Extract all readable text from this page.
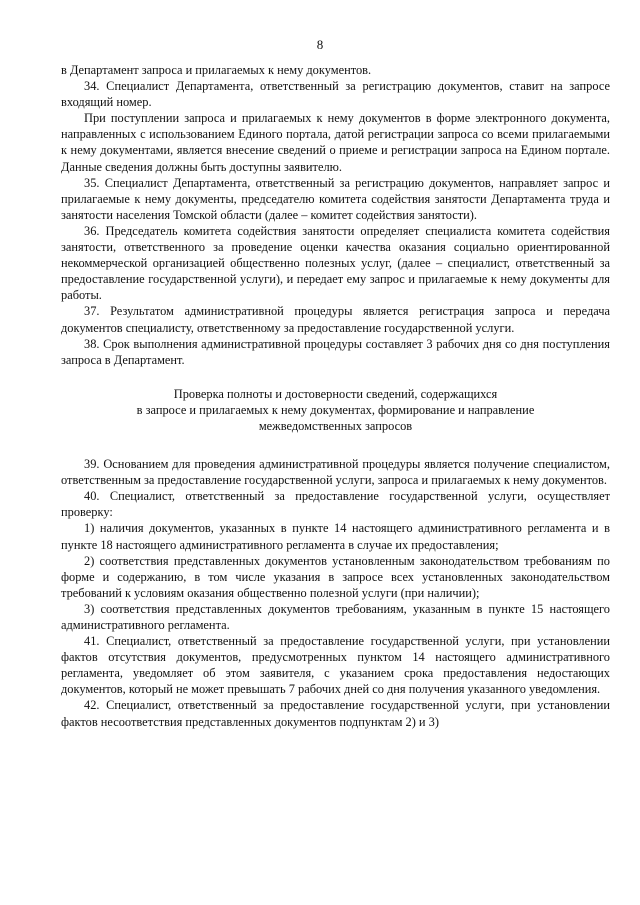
8

в Департамент запроса и прилагаемых к нему документов.

34. Специалист Департамента, ответственный за регистрацию документов, ставит на запросе входящий номер.

При поступлении запроса и прилагаемых к нему документов в форме электронного документа, направленных с использованием Единого портала, датой регистрации запроса со всеми прилагаемыми к нему документами, является внесение сведений о приеме и регистрации запроса на Едином портале. Данные сведения должны быть доступны заявителю.

35. Специалист Департамента, ответственный за регистрацию документов, направляет запрос и прилагаемые к нему документы, председателю комитета содействия занятости Департамента труда и занятости населения Томской области (далее – комитет содействия занятости).

36. Председатель комитета содействия занятости определяет специалиста комитета содействия занятости, ответственного за проведение оценки качества оказания социально ориентированной некоммерческой организацией общественно полезных услуг, (далее – специалист, ответственный за предоставление государственной услуги), и передает ему запрос и прилагаемые к нему документы для работы.

37. Результатом административной процедуры является регистрация запроса и передача документов специалисту, ответственному за предоставление государственной услуги.

38. Срок выполнения административной процедуры составляет 3 рабочих дня со дня поступления запроса в Департамент.

Проверка полноты и достоверности сведений, содержащихся
в запросе и прилагаемых к нему документах, формирование и направление
межведомственных запросов

39. Основанием для проведения административной процедуры является получение специалистом, ответственным за предоставление государственной услуги, запроса и прилагаемых к нему документов.

40. Специалист, ответственный за предоставление государственной услуги, осуществляет проверку:

1) наличия документов, указанных в пункте 14 настоящего административного регламента и в пункте 18 настоящего административного регламента в случае их предоставления;

2) соответствия представленных документов установленным законодательством требованиям по форме и содержанию, в том числе указания в запросе всех установленных законодательством требований к условиям оказания общественно полезной услуги (при наличии);

3) соответствия представленных документов требованиям, указанным в пункте 15 настоящего административного регламента.

41. Специалист, ответственный за предоставление государственной услуги, при установлении фактов отсутствия документов, предусмотренных пунктом 14 настоящего административного регламента, уведомляет об этом заявителя, с указанием срока предоставления недостающих документов, который не может превышать 7 рабочих дней со дня получения указанного уведомления.

42. Специалист, ответственный за предоставление государственной услуги, при установлении фактов несоответствия представленных документов подпунктам 2) и 3)
